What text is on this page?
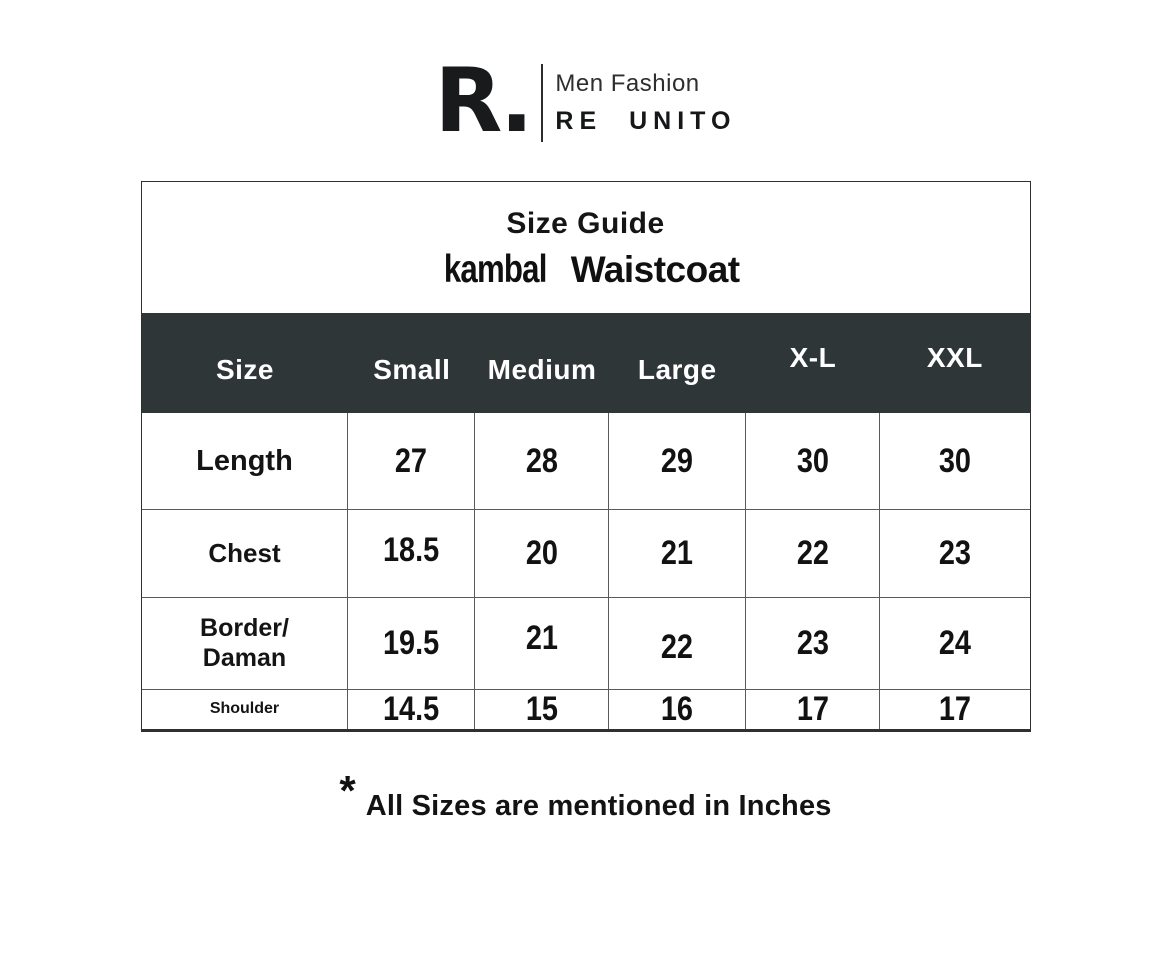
R.	Men Fashion
RE UNITO
Size Guide
kambal Waistcoat
Size	Small	Medium	Large	X-L	XXL
Length	27	28	29	30	30
Chest	18.5	20	21	22	23
Border/
Daman	19.5	21	22	23	24
Shoulder	14.5	15	16	17	17
* All Sizes are mentioned in Inches
